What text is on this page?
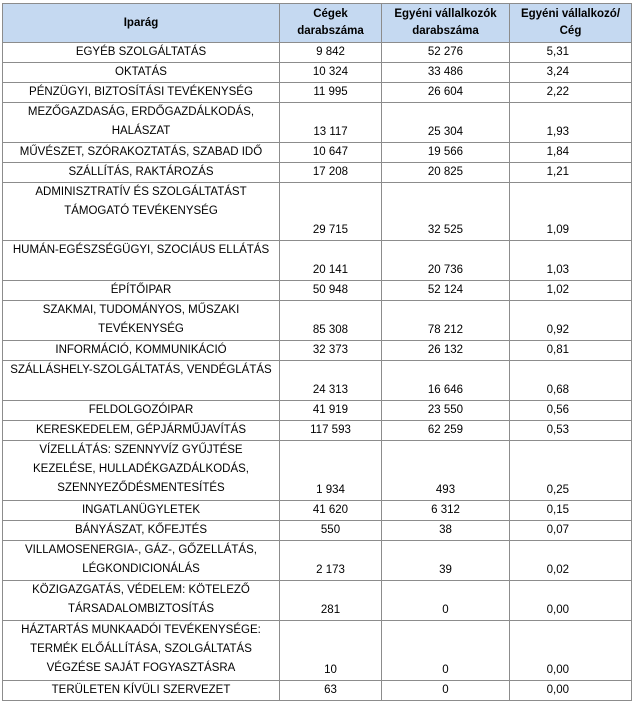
Iparág	Cégek darabszáma	Egyéni vállalkozók darabszáma	Egyéni vállalkozó/ Cég
EGYÉB SZOLGÁLTATÁS	9 842	52 276	5,31
OKTATÁS	10 324	33 486	3,24
PÉNZÜGYI, BIZTOSÍTÁSI TEVÉKENYSÉG	11 995	26 604	2,22
MEZŐGAZDASÁG, ERDŐGAZDÁLKODÁS, HALÁSZAT	13 117	25 304	1,93
MŰVÉSZET, SZÓRAKOZTATÁS, SZABAD IDŐ	10 647	19 566	1,84
SZÁLLÍTÁS, RAKTÁROZÁS	17 208	20 825	1,21
ADMINISZTRATÍV ÉS SZOLGÁLTATÁST TÁMOGATÓ TEVÉKENYSÉG	29 715	32 525	1,09
HUMÁN-EGÉSZSÉGÜGYI, SZOCIÁUS ELLÁTÁS	20 141	20 736	1,03
ÉPÍTŐIPAR	50 948	52 124	1,02
SZAKMAI, TUDOMÁNYOS, MŰSZAKI TEVÉKENYSÉG	85 308	78 212	0,92
INFORMÁCIÓ, KOMMUNIKÁCIÓ	32 373	26 132	0,81
SZÁLLÁSHELY-SZOLGÁLTATÁS, VENDÉGLÁTÁS	24 313	16 646	0,68
FELDOLGOZÓIPAR	41 919	23 550	0,56
KERESKEDELEM, GÉPJÁRMŰJAVÍTÁS	117 593	62 259	0,53
VÍZELLÁTÁS: SZENNYVÍZ GYŰJTÉSE KEZELÉSE, HULLADÉKGAZDÁLKODÁS, SZENNYEZŐDÉSMENTESÍTÉS	1 934	493	0,25
INGATLANÜGYLETEK	41 620	6 312	0,15
BÁNYÁSZAT, KŐFEJTÉS	550	38	0,07
VILLAMOSENERGIA-, GÁZ-, GŐZELLÁTÁS, LÉGKONDICIONÁLÁS	2 173	39	0,02
KÖZIGAZGATÁS, VÉDELEM: KÖTELEZŐ TÁRSADALOMBIZTOSÍTÁS	281	0	0,00
HÁZTARTÁS MUNKAADÓI TEVÉKENYSÉGE: TERMÉK ELŐÁLLÍTÁSA, SZOLGÁLTATÁS VÉGZÉSE SAJÁT FOGYASZTÁSRA	10	0	0,00
TERÜLETEN KÍVÜLI SZERVEZET	63	0	0,00
